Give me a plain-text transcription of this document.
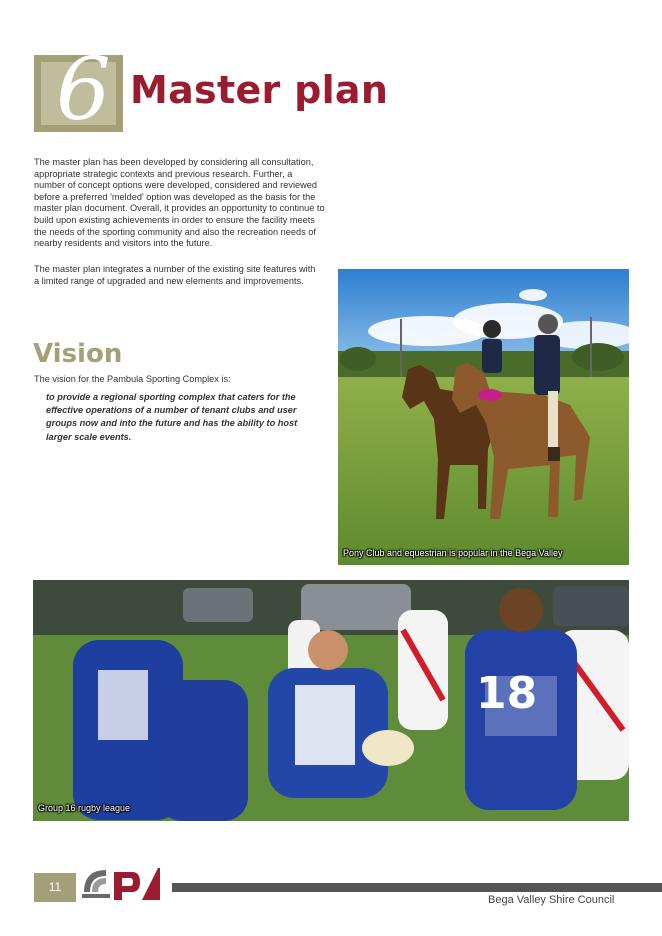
6 Master plan

The master plan has been developed by considering all consultation, appropriate strategic contexts and previous research. Further, a number of concept options were developed, considered and reviewed before a preferred 'melded' option was developed as the basis for the master plan document. Overall, it provides an opportunity to continue to build upon existing achievements in order to ensure the facility meets the needs of the sporting community and also the recreation needs of nearby residents and visitors into the future.

The master plan integrates a number of the existing site features with a limited range of upgraded and new elements and improvements.

Vision

The vision for the Pambula Sporting Complex is:

to provide a regional sporting complex that caters for the effective operations of a number of tenant clubs and user groups now and into the future and has the ability to host larger scale events.

Pony Club and equestrian is popular in the Bega Valley
18
Group 16 rugby league
11
Bega Valley Shire Council
